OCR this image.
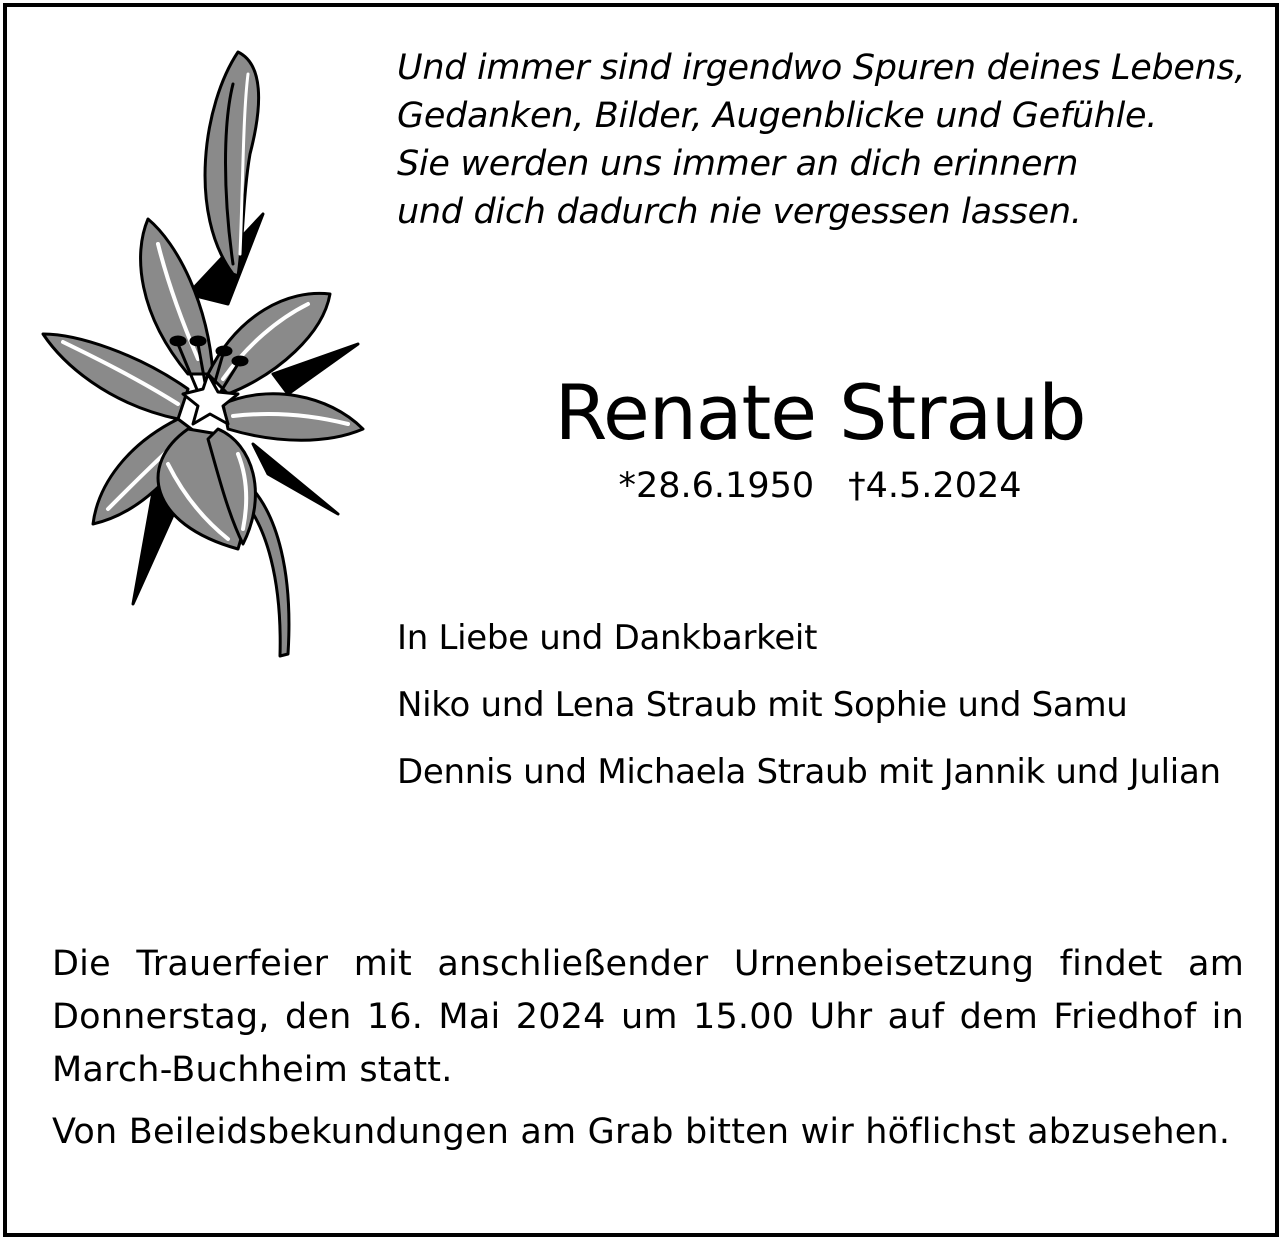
Und immer sind irgendwo Spuren deines Lebens,
Gedanken, Bilder, Augenblicke und Gefühle.
Sie werden uns immer an dich erinnern
und dich dadurch nie vergessen lassen.
Renate Straub
*28.6.1950 †4.5.2024
In Liebe und Dankbarkeit
Niko und Lena Straub mit Sophie und Samu
Dennis und Michaela Straub mit Jannik und Julian

Die Trauerfeier mit anschließender Urnenbeisetzung findet am Donnerstag, den 16. Mai 2024 um 15.00 Uhr auf dem Friedhof in March-Buchheim statt.

Von Beileidsbekundungen am Grab bitten wir höflichst abzusehen.
